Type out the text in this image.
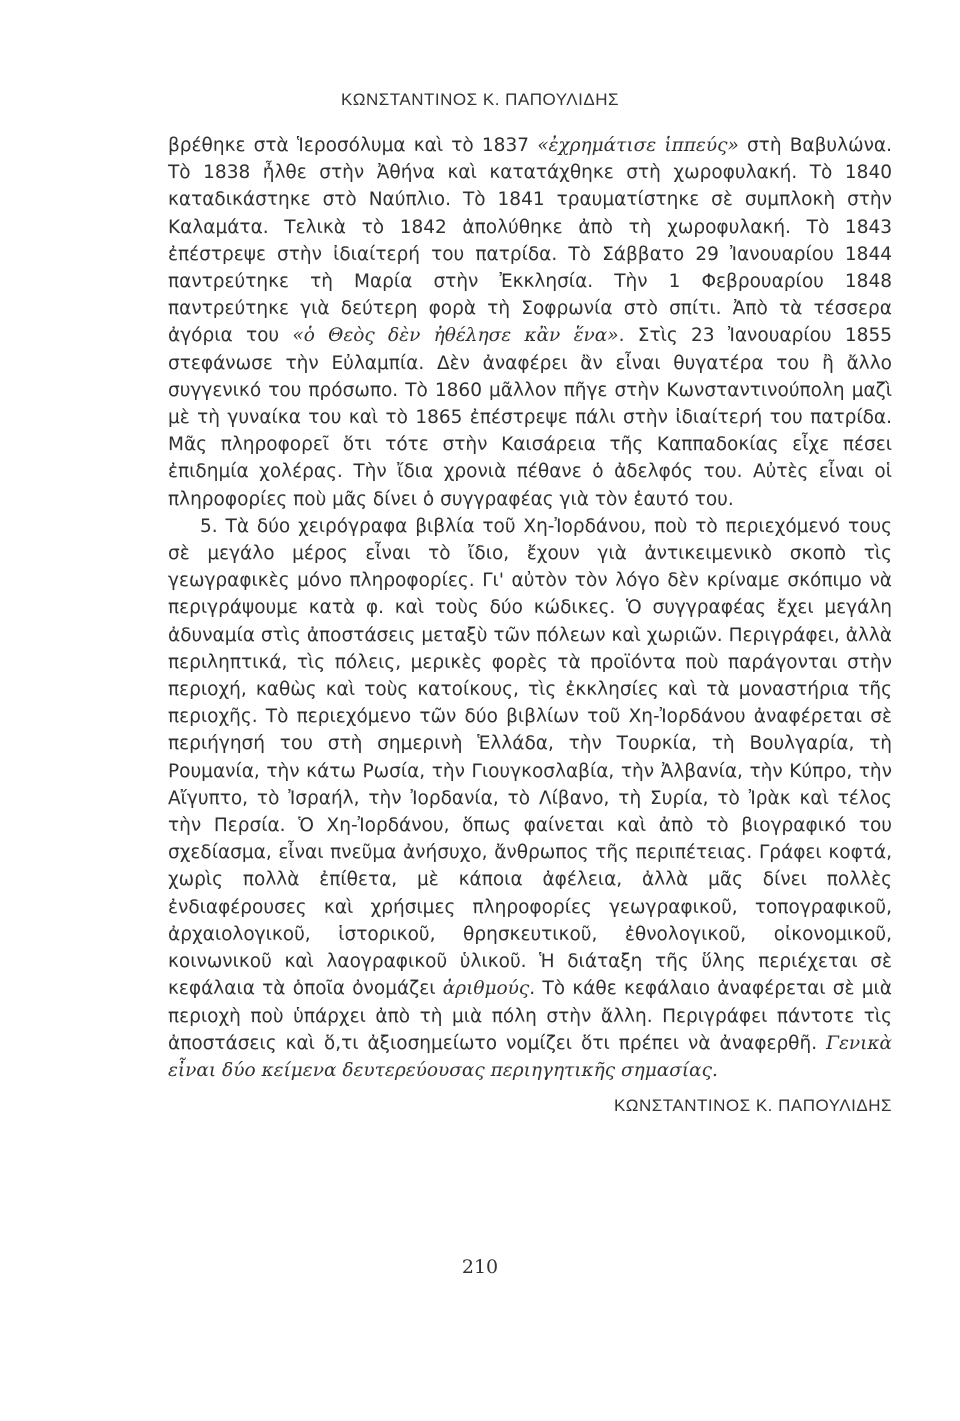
ΚΩΝΣΤΑΝΤΙΝΟΣ Κ. ΠΑΠΟΥΛΙΔΗΣ

βρέθηκε στὰ Ἱεροσόλυμα καὶ τὸ 1837 «ἐχρημάτισε ἱππεύς» στὴ Βαβυλώνα. Τὸ 1838 ἦλθε στὴν Ἀθήνα καὶ κατατάχθηκε στὴ χωροφυλακή. Τὸ 1840 καταδικάστηκε στὸ Ναύπλιο. Τὸ 1841 τραυματίστηκε σὲ συμπλοκὴ στὴν Καλαμάτα. Τελικὰ τὸ 1842 ἀπολύθηκε ἀπὸ τὴ χωροφυλακή. Τὸ 1843 ἐπέστρεψε στὴν ἰδιαίτερή του πατρίδα. Τὸ Σάββατο 29 Ἰανουαρίου 1844 παντρεύτηκε τὴ Μαρία στὴν Ἐκκλησία. Τὴν 1 Φεβρουαρίου 1848 παντρεύτηκε γιὰ δεύτερη φορὰ τὴ Σοφρωνία στὸ σπίτι. Ἀπὸ τὰ τέσσερα ἀγόρια του «ὁ Θεὸς δὲν ἠθέλησε κἂν ἕνα». Στὶς 23 Ἰανουαρίου 1855 στεφάνωσε τὴν Εὐλαμπία. Δὲν ἀναφέρει ἂν εἶναι θυγατέρα του ἢ ἄλλο συγγενικό του πρόσωπο. Τὸ 1860 μᾶλλον πῆγε στὴν Κωνσταντινούπολη μαζὶ μὲ τὴ γυναίκα του καὶ τὸ 1865 ἐπέστρεψε πάλι στὴν ἰδιαίτερή του πατρίδα. Μᾶς πληροφορεῖ ὅτι τότε στὴν Καισάρεια τῆς Καππαδοκίας εἶχε πέσει ἐπιδημία χολέρας. Τὴν ἴδια χρονιὰ πέθανε ὁ ἀδελφός του. Αὐτὲς εἶναι οἱ πληροφορίες ποὺ μᾶς δίνει ὁ συγγραφέας γιὰ τὸν ἑαυτό του.

5. Τὰ δύο χειρόγραφα βιβλία τοῦ Χη-Ἰορδάνου, ποὺ τὸ περιεχόμενό τους σὲ μεγάλο μέρος εἶναι τὸ ἴδιο, ἔχουν γιὰ ἀντικειμενικὸ σκοπὸ τὶς γεωγραφικὲς μόνο πληροφορίες. Γι' αὐτὸν τὸν λόγο δὲν κρίναμε σκόπιμο νὰ περιγράψουμε κατὰ φ. καὶ τοὺς δύο κώδικες. Ὁ συγγραφέας ἔχει μεγάλη ἀδυναμία στὶς ἀποστάσεις μεταξὺ τῶν πόλεων καὶ χωριῶν. Περιγράφει, ἀλλὰ περιληπτικά, τὶς πόλεις, μερικὲς φορὲς τὰ προϊόντα ποὺ παράγονται στὴν περιοχή, καθὼς καὶ τοὺς κατοίκους, τὶς ἐκκλησίες καὶ τὰ μοναστήρια τῆς περιοχῆς. Τὸ περιεχόμενο τῶν δύο βιβλίων τοῦ Χη-Ἰορδάνου ἀναφέρεται σὲ περιήγησή του στὴ σημερινὴ Ἑλλάδα, τὴν Τουρκία, τὴ Βουλγαρία, τὴ Ρουμανία, τὴν κάτω Ρωσία, τὴν Γιουγκοσλαβία, τὴν Ἀλβανία, τὴν Κύπρο, τὴν Αἴγυπτο, τὸ Ἰσραήλ, τὴν Ἰορδανία, τὸ Λίβανο, τὴ Συρία, τὸ Ἰρὰκ καὶ τέλος τὴν Περσία. Ὁ Χη-Ἰορδάνου, ὅπως φαίνεται καὶ ἀπὸ τὸ βιογραφικό του σχεδίασμα, εἶναι πνεῦμα ἀνήσυχο, ἄνθρωπος τῆς περιπέτειας. Γράφει κοφτά, χωρὶς πολλὰ ἐπίθετα, μὲ κάποια ἀφέλεια, ἀλλὰ μᾶς δίνει πολλὲς ἐνδιαφέρουσες καὶ χρήσιμες πληροφορίες γεωγραφικοῦ, τοπογραφικοῦ, ἀρχαιολογικοῦ, ἱστορικοῦ, θρησκευτικοῦ, ἐθνολογικοῦ, οἰκονομικοῦ, κοινωνικοῦ καὶ λαογραφικοῦ ὑλικοῦ. Ἡ διάταξη τῆς ὕλης περιέχεται σὲ κεφάλαια τὰ ὁποῖα ὀνομάζει ἀριθμούς. Τὸ κάθε κεφάλαιο ἀναφέρεται σὲ μιὰ περιοχὴ ποὺ ὑπάρχει ἀπὸ τὴ μιὰ πόλη στὴν ἄλλη. Περιγράφει πάντοτε τὶς ἀποστάσεις καὶ ὅ,τι ἀξιοσημείωτο νομίζει ὅτι πρέπει νὰ ἀναφερθῆ. Γενικὰ εἶναι δύο κείμενα δευτερεύουσας περιηγητικῆς σημασίας.

ΚΩΝΣΤΑΝΤΙΝΟΣ Κ. ΠΑΠΟΥΛΙΔΗΣ
210
